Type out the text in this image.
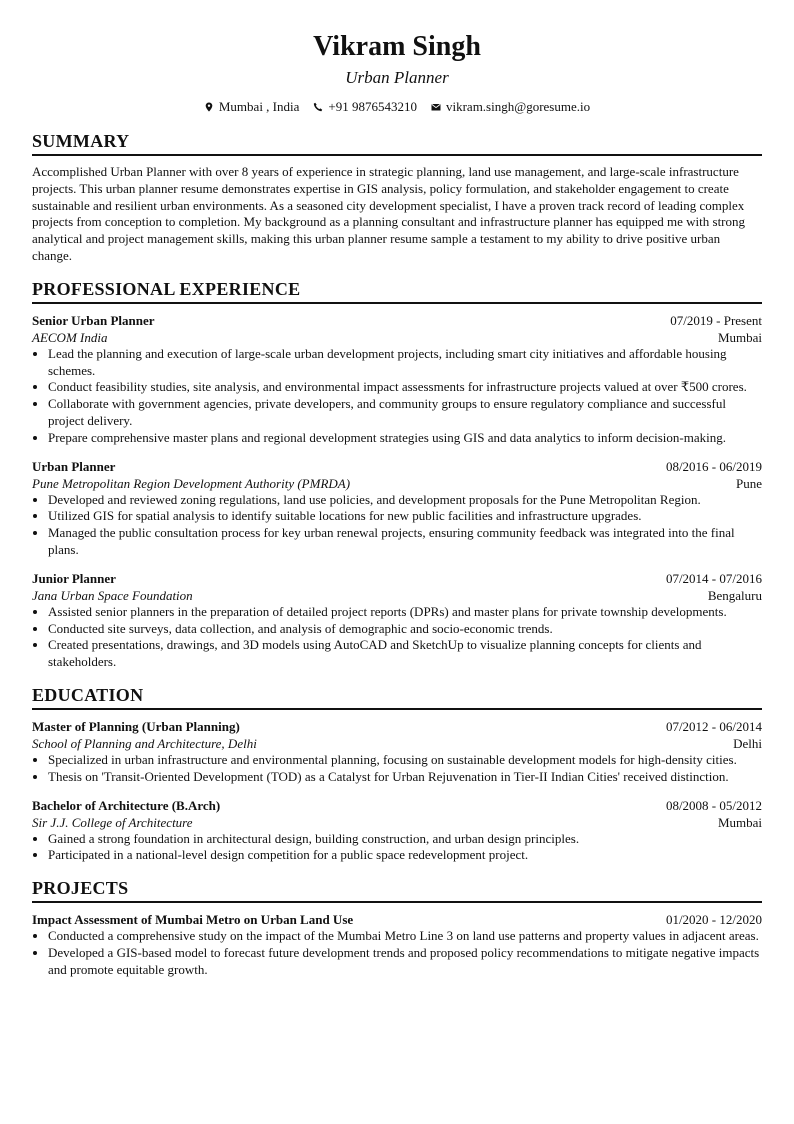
Vikram Singh
Urban Planner
Mumbai , India +91 9876543210 vikram.singh@goresume.io
SUMMARY

Accomplished Urban Planner with over 8 years of experience in strategic planning, land use management, and large-scale infrastructure projects. This urban planner resume demonstrates expertise in GIS analysis, policy formulation, and stakeholder engagement to create sustainable and resilient urban environments. As a seasoned city development specialist, I have a proven track record of leading complex projects from conception to completion. My background as a planning consultant and infrastructure planner has equipped me with strong analytical and project management skills, making this urban planner resume sample a testament to my ability to drive positive urban change.

PROFESSIONAL EXPERIENCE
Senior Urban Planner	07/2019 - Present
AECOM India	Mumbai
• Lead the planning and execution of large-scale urban development projects, including smart city initiatives and affordable housing schemes.
• Conduct feasibility studies, site analysis, and environmental impact assessments for infrastructure projects valued at over ₹500 crores.
• Collaborate with government agencies, private developers, and community groups to ensure regulatory compliance and successful project delivery.
• Prepare comprehensive master plans and regional development strategies using GIS and data analytics to inform decision-making.
Urban Planner	08/2016 - 06/2019
Pune Metropolitan Region Development Authority (PMRDA)	Pune
• Developed and reviewed zoning regulations, land use policies, and development proposals for the Pune Metropolitan Region.
• Utilized GIS for spatial analysis to identify suitable locations for new public facilities and infrastructure upgrades.
• Managed the public consultation process for key urban renewal projects, ensuring community feedback was integrated into the final plans.
Junior Planner	07/2014 - 07/2016
Jana Urban Space Foundation	Bengaluru
• Assisted senior planners in the preparation of detailed project reports (DPRs) and master plans for private township developments.
• Conducted site surveys, data collection, and analysis of demographic and socio-economic trends.
• Created presentations, drawings, and 3D models using AutoCAD and SketchUp to visualize planning concepts for clients and stakeholders.
EDUCATION
Master of Planning (Urban Planning)	07/2012 - 06/2014
School of Planning and Architecture, Delhi	Delhi
• Specialized in urban infrastructure and environmental planning, focusing on sustainable development models for high-density cities.
• Thesis on 'Transit-Oriented Development (TOD) as a Catalyst for Urban Rejuvenation in Tier-II Indian Cities' received distinction.
Bachelor of Architecture (B.Arch)	08/2008 - 05/2012
Sir J.J. College of Architecture	Mumbai
• Gained a strong foundation in architectural design, building construction, and urban design principles.
• Participated in a national-level design competition for a public space redevelopment project.
PROJECTS
Impact Assessment of Mumbai Metro on Urban Land Use	01/2020 - 12/2020
• Conducted a comprehensive study on the impact of the Mumbai Metro Line 3 on land use patterns and property values in adjacent areas.
• Developed a GIS-based model to forecast future development trends and proposed policy recommendations to mitigate negative impacts and promote equitable growth.
